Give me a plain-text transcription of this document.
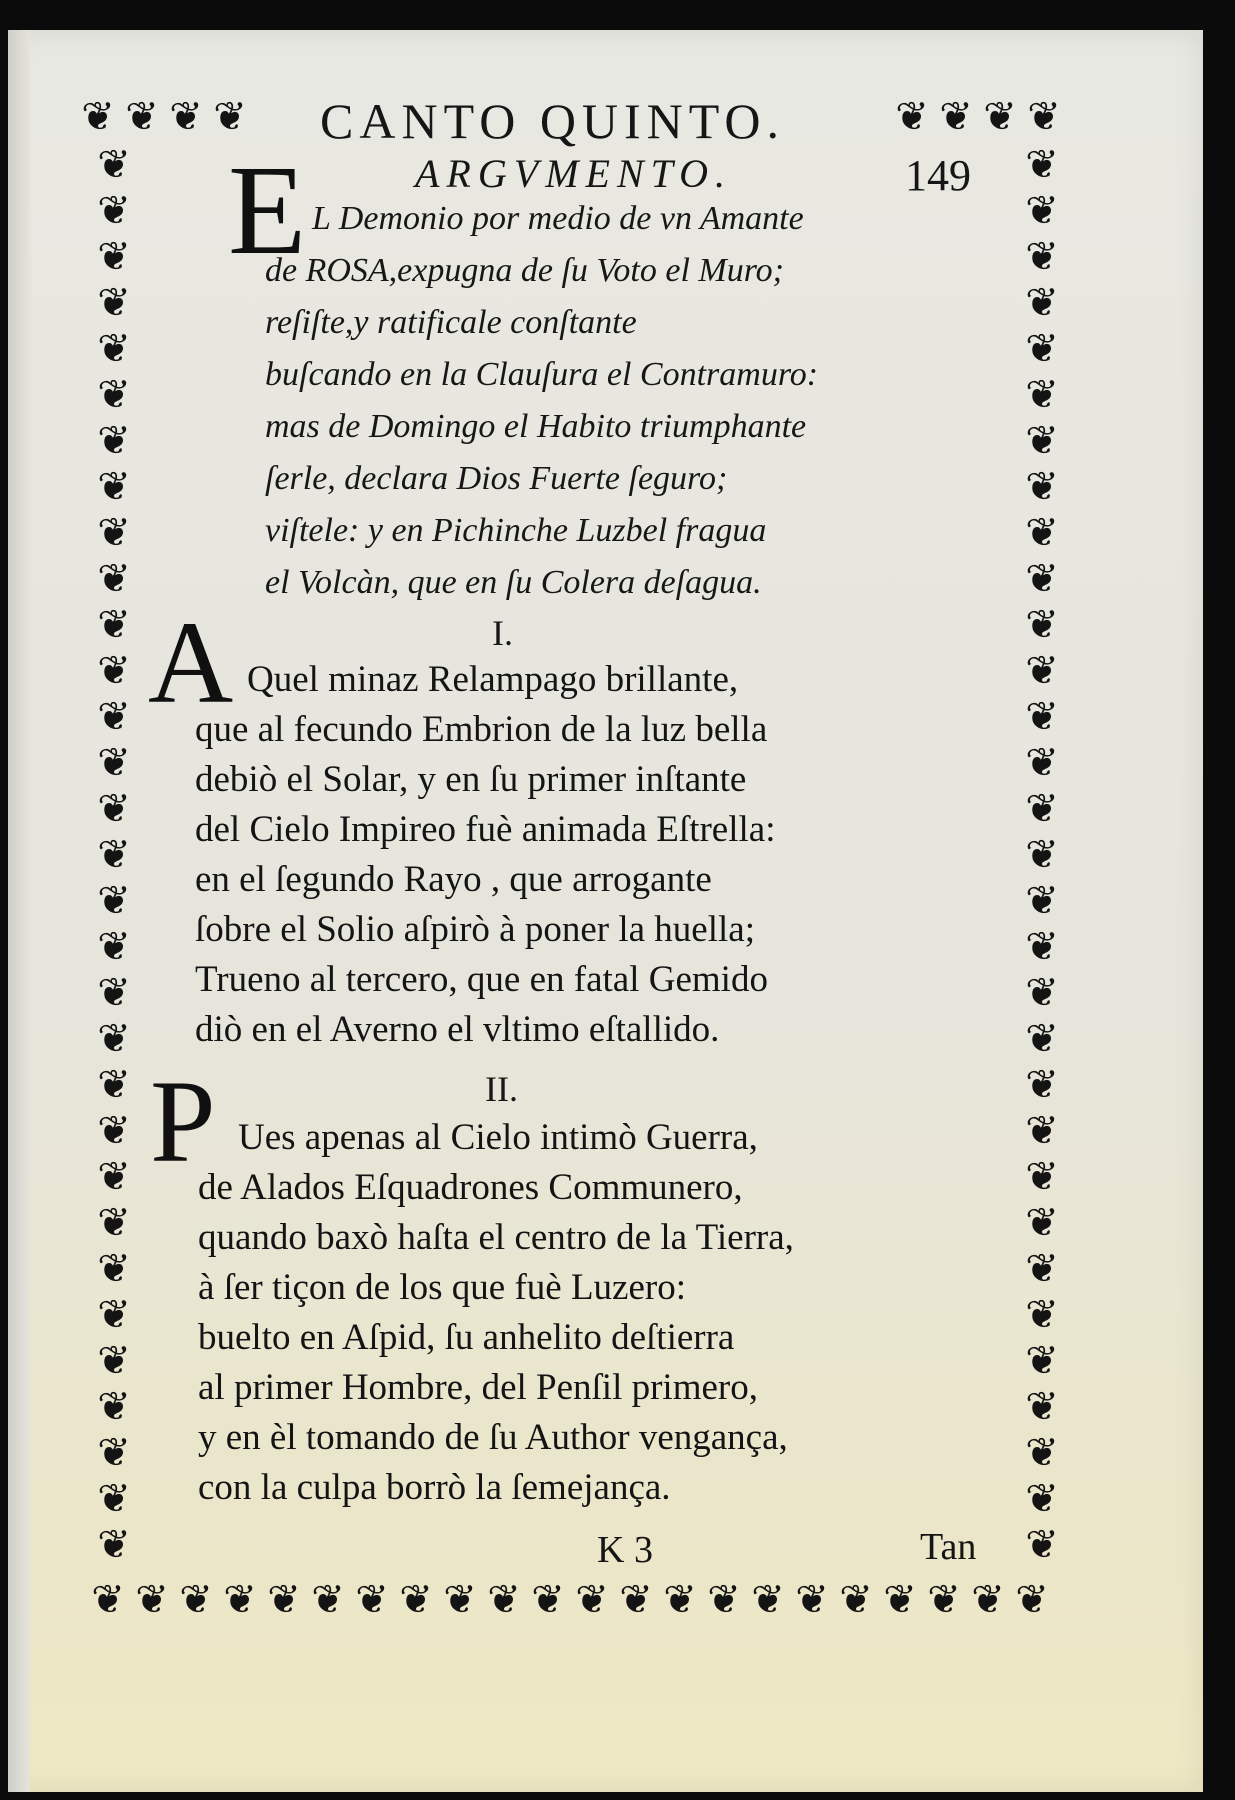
❦ ❦ ❦ ❦	❦ ❦ ❦ ❦
❦ ❦ ❦ ❦ ❦ ❦ ❦ ❦ ❦ ❦ ❦ ❦ ❦ ❦ ❦ ❦ ❦ ❦ ❦ ❦ ❦ ❦
❦
❦
❦
❦
❦
❦
❦
❦
❦
❦
❦
❦
❦
❦
❦
❦
❦
❦
❦
❦
❦
❦
❦
❦
❦
❦
❦
❦
❦
❦
❦
❦
❦
❦
❦
❦
❦
❦
❦
❦
❦
❦
❦
❦
❦
❦
❦
❦
❦
❦
❦
❦
❦
❦
❦
❦
❦
❦
❦
❦
❦
❦
CANTO QUINTO.
149
ARGVMENTO.
E L Demonio por medio de vn Amante
de ROSA,expugna de ſu Voto el Muro;
reſiſte,y ratificale conſtante
buſcando en la Clauſura el Contramuro:
mas de Domingo el Habito triumphante
ſerle, declara Dios Fuerte ſeguro;
viſtele: y en Pichinche Luzbel fragua
el Volcàn, que en ſu Colera deſagua.
I.
A Quel minaz Relampago brillante,
que al fecundo Embrion de la luz bella
debiò el Solar, y en ſu primer inſtante
del Cielo Impireo fuè animada Eſtrella:
en el ſegundo Rayo , que arrogante
ſobre el Solio aſpirò à poner la huella;
Trueno al tercero, que en fatal Gemido
diò en el Averno el vltimo eſtallido.
II.
P Ues apenas al Cielo intimò Guerra,
de Alados Eſquadrones Communero,
quando baxò haſta el centro de la Tierra,
à ſer tiçon de los que fuè Luzero:
buelto en Aſpid, ſu anhelito deſtierra
al primer Hombre, del Penſil primero,
y en èl tomando de ſu Author vengança,
con la culpa borrò la ſemejança.
K 3	Tan
